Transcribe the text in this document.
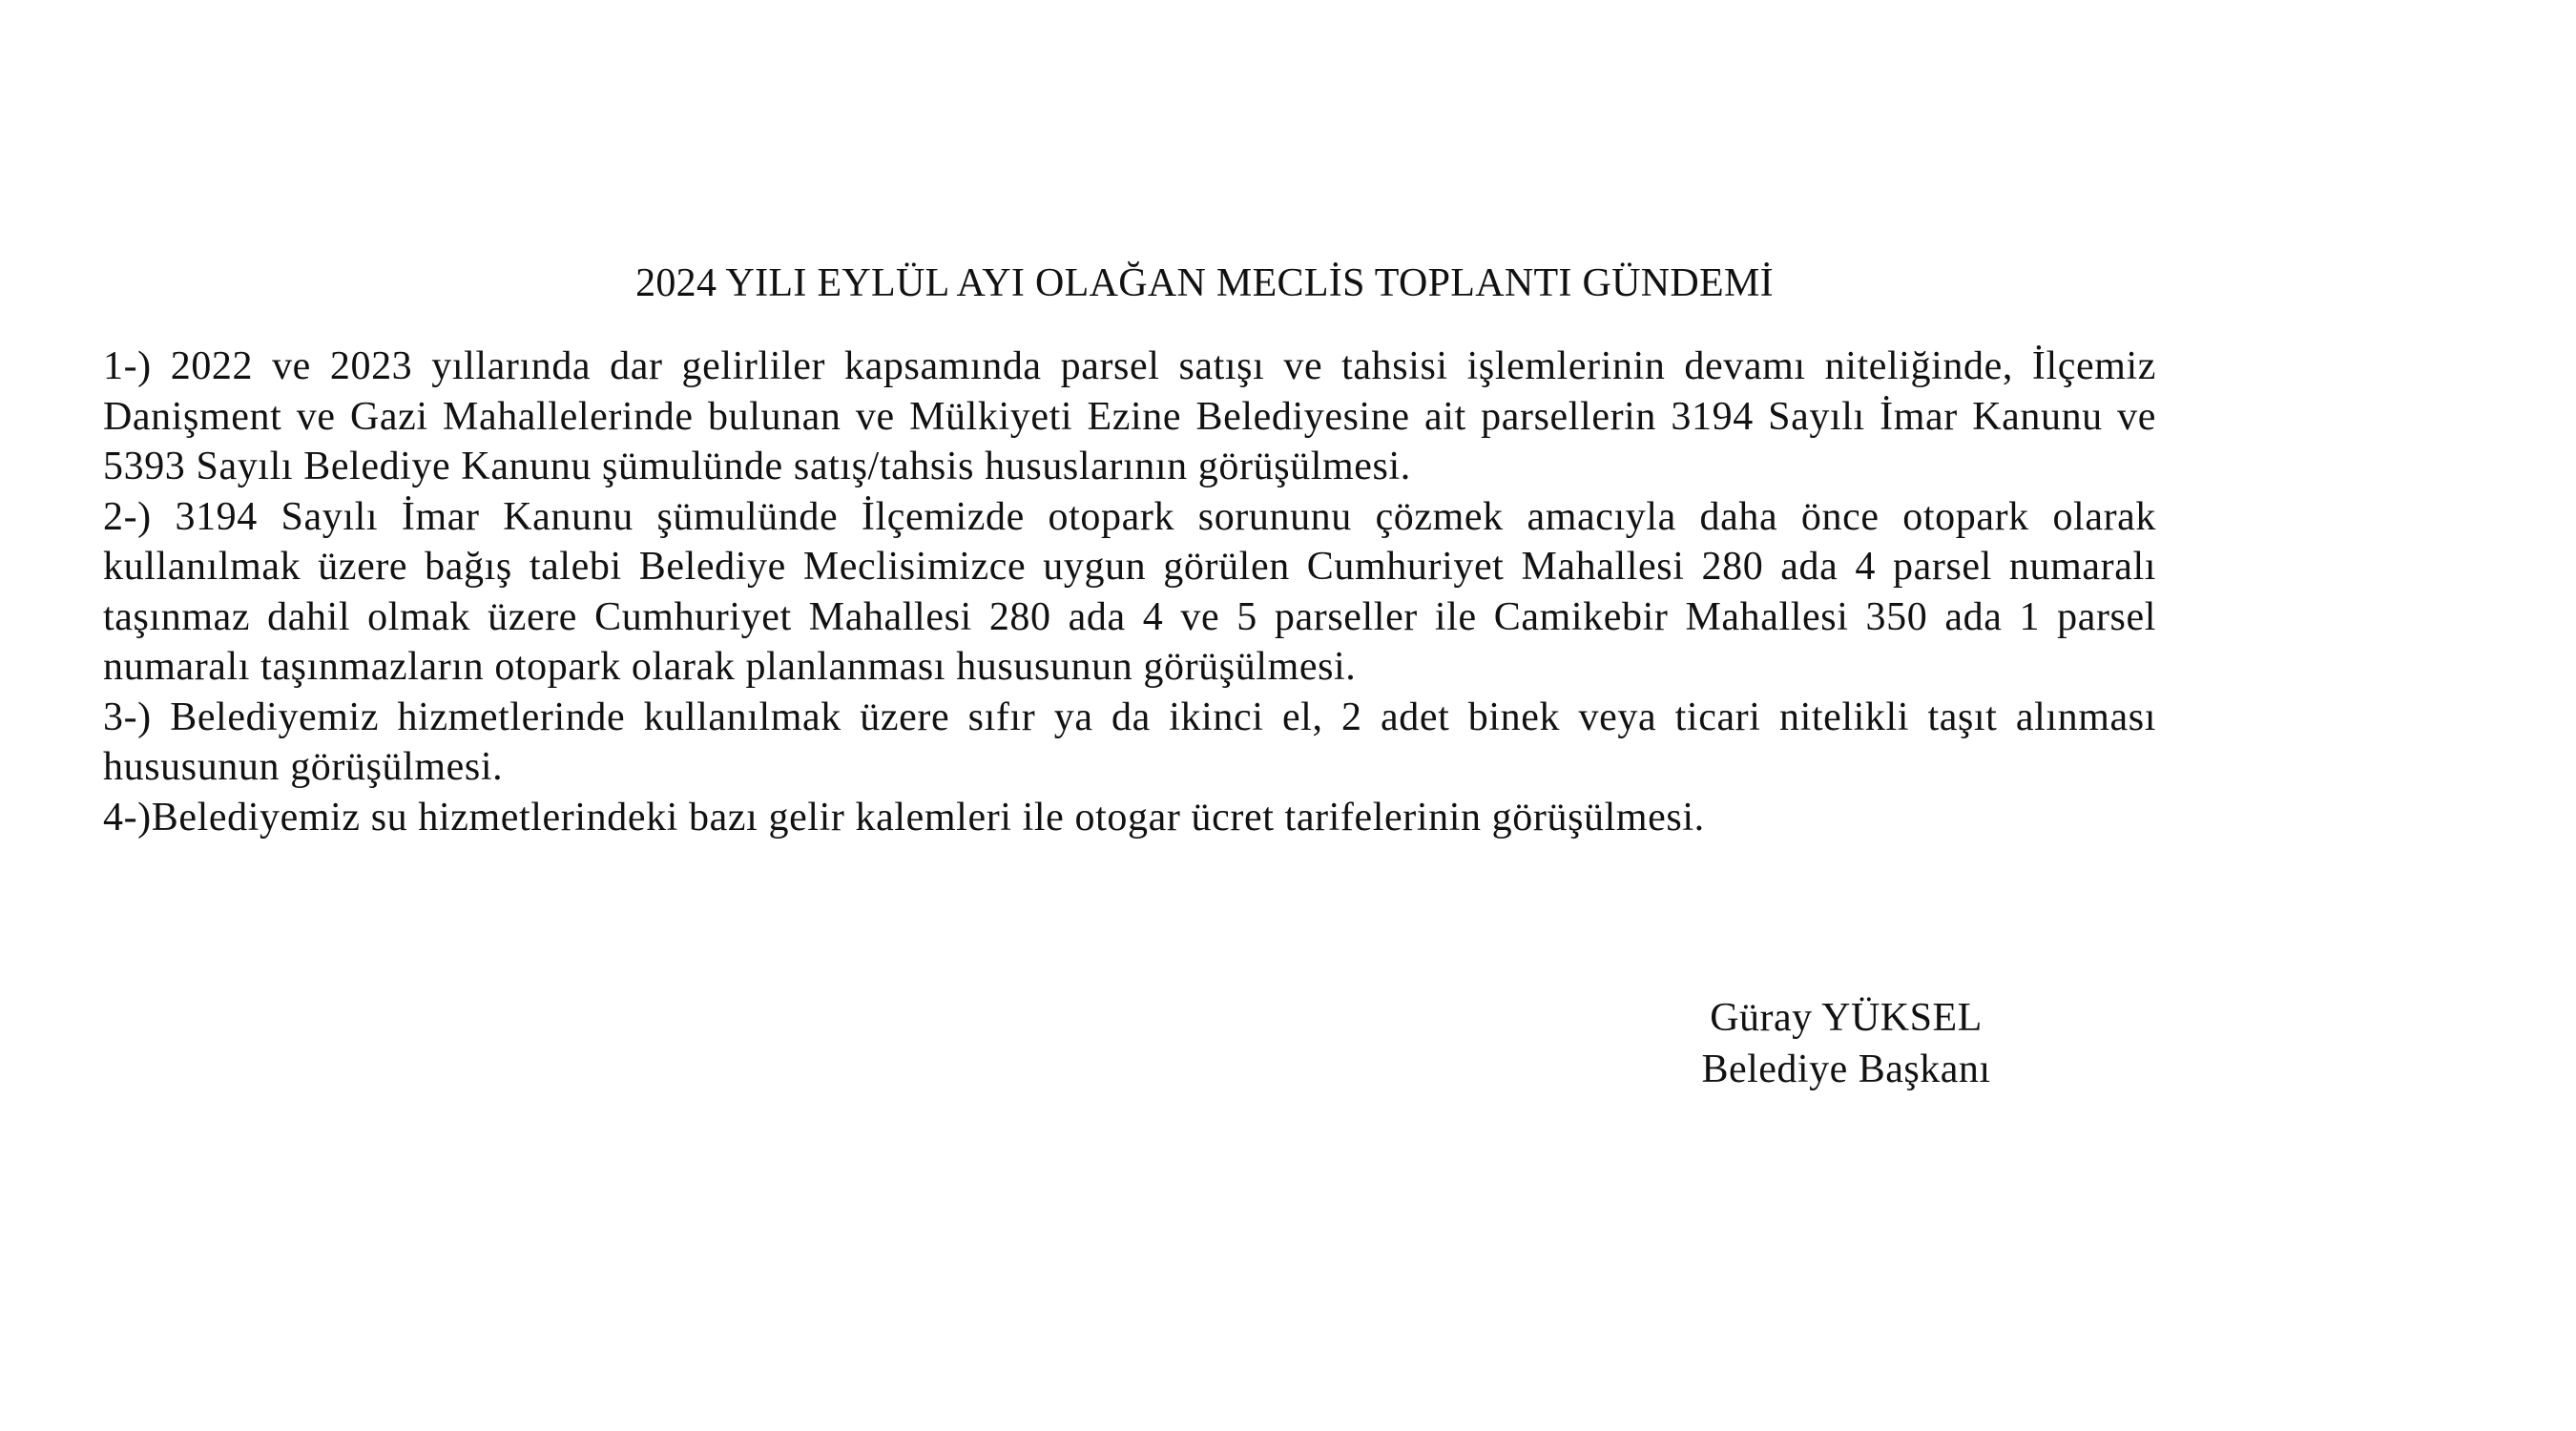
2024 YILI EYLÜL AYI OLAĞAN MECLİS TOPLANTI GÜNDEMİ

1-) 2022 ve 2023 yıllarında dar gelirliler kapsamında parsel satışı ve tahsisi işlemlerinin devamı niteliğinde, İlçemiz Danişment ve Gazi Mahallelerinde bulunan ve Mülkiyeti Ezine Belediyesine ait parsellerin 3194 Sayılı İmar Kanunu ve 5393 Sayılı Belediye Kanunu şümulünde satış/tahsis hususlarının görüşülmesi.

2-) 3194 Sayılı İmar Kanunu şümulünde İlçemizde otopark sorununu çözmek amacıyla daha önce otopark olarak kullanılmak üzere bağış talebi Belediye Meclisimizce uygun görülen Cumhuriyet Mahallesi 280 ada 4 parsel numaralı taşınmaz dahil olmak üzere Cumhuriyet Mahallesi 280 ada 4 ve 5 parseller ile Camikebir Mahallesi 350 ada 1 parsel numaralı taşınmazların otopark olarak planlanması hususunun görüşülmesi.

3-) Belediyemiz hizmetlerinde kullanılmak üzere sıfır ya da ikinci el, 2 adet binek veya ticari nitelikli taşıt alınması hususunun görüşülmesi.

4-)Belediyemiz su hizmetlerindeki bazı gelir kalemleri ile otogar ücret tarifelerinin görüşülmesi.

Güray YÜKSEL
Belediye Başkanı
